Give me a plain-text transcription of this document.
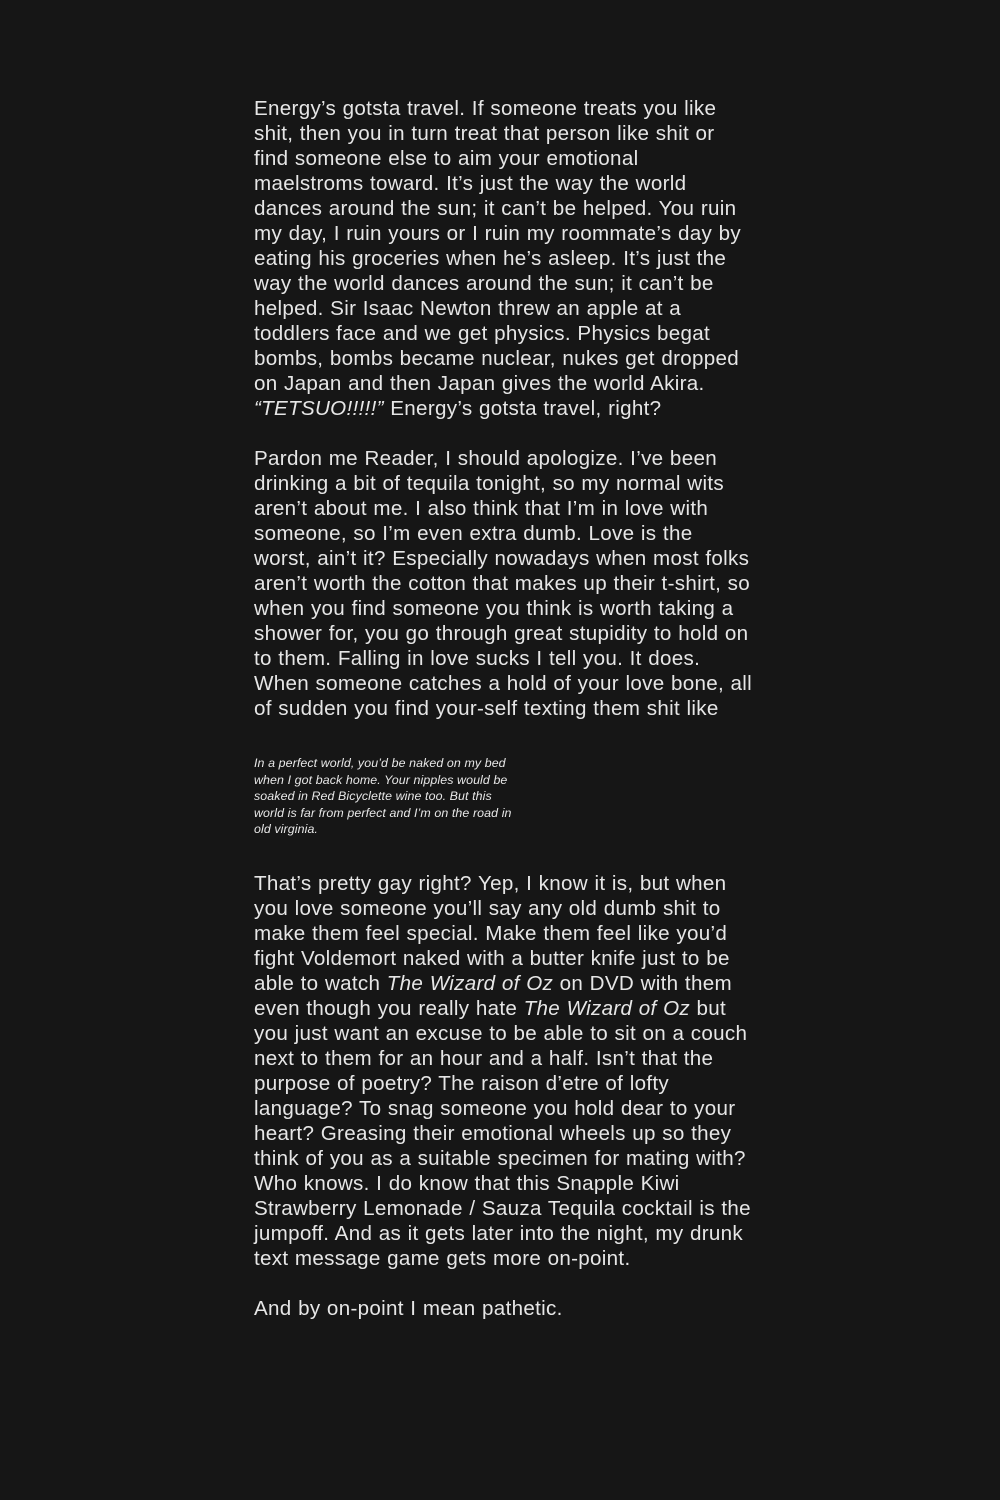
Energy’s gotsta travel. If someone treats you like shit, then you in turn treat that person like shit or find someone else to aim your emotional maelstroms toward. It’s just the way the world dances around the sun; it can’t be helped. You ruin my day, I ruin yours or I ruin my roommate’s day by eating his groceries when he’s asleep. It’s just the way the world dances around the sun; it can’t be helped. Sir Isaac Newton threw an apple at a toddlers face and we get physics. Physics begat bombs, bombs became nuclear, nukes get dropped on Japan and then Japan gives the world Akira. “TETSUO!!!!!” Energy’s gotsta travel, right?

Pardon me Reader, I should apologize. I’ve been drinking a bit of tequila tonight, so my normal wits aren’t about me. I also think that I’m in love with someone, so I’m even extra dumb. Love is the worst, ain’t it? Especially nowadays when most folks aren’t worth the cotton that makes up their t-shirt, so when you find someone you think is worth taking a shower for, you go through great stupidity to hold on to them. Falling in love sucks I tell you. It does. When someone catches a hold of your love bone, all of sudden you find your-self texting them shit like

In a perfect world, you’d be naked on my bed when I got back home. Your nipples would be soaked in Red Bicyclette wine too. But this world is far from perfect and I’m on the road in old virginia.

That’s pretty gay right? Yep, I know it is, but when you love someone you’ll say any old dumb shit to make them feel special. Make them feel like you’d fight Voldemort naked with a butter knife just to be able to watch The Wizard of Oz on DVD with them even though you really hate The Wizard of Oz but you just want an excuse to be able to sit on a couch next to them for an hour and a half. Isn’t that the purpose of poetry? The raison d’etre of lofty language? To snag someone you hold dear to your heart? Greasing their emotional wheels up so they think of you as a suitable specimen for mating with? Who knows. I do know that this Snapple Kiwi Strawberry Lemonade / Sauza Tequila cocktail is the jumpoff. And as it gets later into the night, my drunk text message game gets more on-point.

And by on-point I mean pathetic.
